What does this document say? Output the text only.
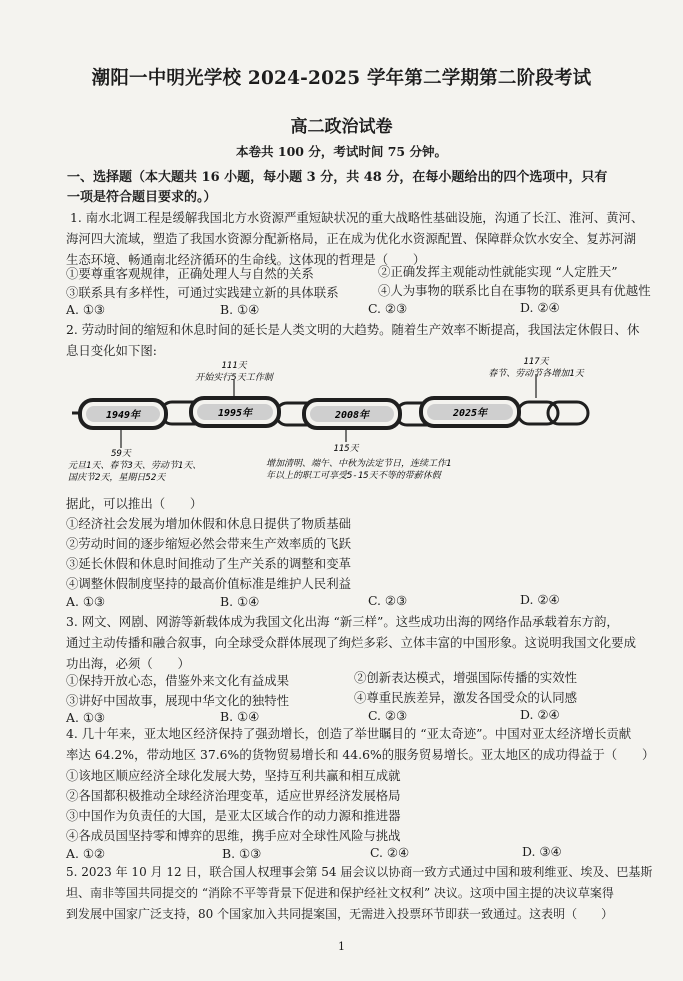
潮阳一中明光学校 2024-2025 学年第二学期第二阶段考试
高二政治试卷
本卷共 100 分，考试时间 75 分钟。
一、选择题（本大题共 16 小题，每小题 3 分，共 48 分，在每小题给出的四个选项中，只有
一项是符合题目要求的。）
1. 南水北调工程是缓解我国北方水资源严重短缺状况的重大战略性基础设施，沟通了长江、淮河、黄河、
海河四大流域，塑造了我国水资源分配新格局，正在成为优化水资源配置、保障群众饮水安全、复苏河湖
生态环境、畅通南北经济循环的生命线。这体现的哲理是（　　）
①要尊重客观规律，正确处理人与自然的关系	②正确发挥主观能动性就能实现 “人定胜天”
③联系具有多样性，可通过实践建立新的具体联系	④人为事物的联系比自在事物的联系更具有优越性
A. ①③	B. ①④	C. ②③	D. ②④
2. 劳动时间的缩短和休息时间的延长是人类文明的大趋势。随着生产效率不断提高，我国法定休假日、休
息日变化如下图:
1949年	1995年	2008年	2025年
111天
开始实行5天工作制
117天
春节、劳动节各增加1天
59天
元旦1天、春节3天、劳动节1天、
国庆节2天，星期日52天
115天
增加清明、端午、中秋为法定节日，连续工作1
年以上的职工可享受5-15天不等的带薪休假
据此，可以推出（　　）
①经济社会发展为增加休假和休息日提供了物质基础
②劳动时间的逐步缩短必然会带来生产效率质的飞跃
③延长休假和休息时间推动了生产关系的调整和变革
④调整休假制度坚持的最高价值标准是维护人民利益
A. ①③	B. ①④	C. ②③	D. ②④
3. 网文、网剧、网游等新载体成为我国文化出海 “新三样”。这些成功出海的网络作品承载着东方韵，
通过主动传播和融合叙事，向全球受众群体展现了绚烂多彩、立体丰富的中国形象。这说明我国文化要成
功出海，必须（　　）
①保持开放心态，借鉴外来文化有益成果	②创新表达模式，增强国际传播的实效性
③讲好中国故事，展现中华文化的独特性	④尊重民族差异，激发各国受众的认同感
A. ①③	B. ①④	C. ②③	D. ②④
4. 几十年来，亚太地区经济保持了强劲增长，创造了举世瞩目的 “亚太奇迹”。中国对亚太经济增长贡献
率达 64.2%，带动地区 37.6%的货物贸易增长和 44.6%的服务贸易增长。亚太地区的成功得益于（　　）
①该地区顺应经济全球化发展大势，坚持互利共赢和相互成就
②各国都积极推动全球经济治理变革，适应世界经济发展格局
③中国作为负责任的大国，是亚太区域合作的动力源和推进器
④各成员国坚持零和博弈的思维，携手应对全球性风险与挑战
A. ①②	B. ①③	C. ②④	D. ③④
5. 2023 年 10 月 12 日，联合国人权理事会第 54 届会议以协商一致方式通过中国和玻利维亚、埃及、巴基斯
坦、南非等国共同提交的 “消除不平等背景下促进和保护经社文权利” 决议。这项中国主提的决议草案得
到发展中国家广泛支持，80 个国家加入共同提案国，无需进入投票环节即获一致通过。这表明（　　）
1
